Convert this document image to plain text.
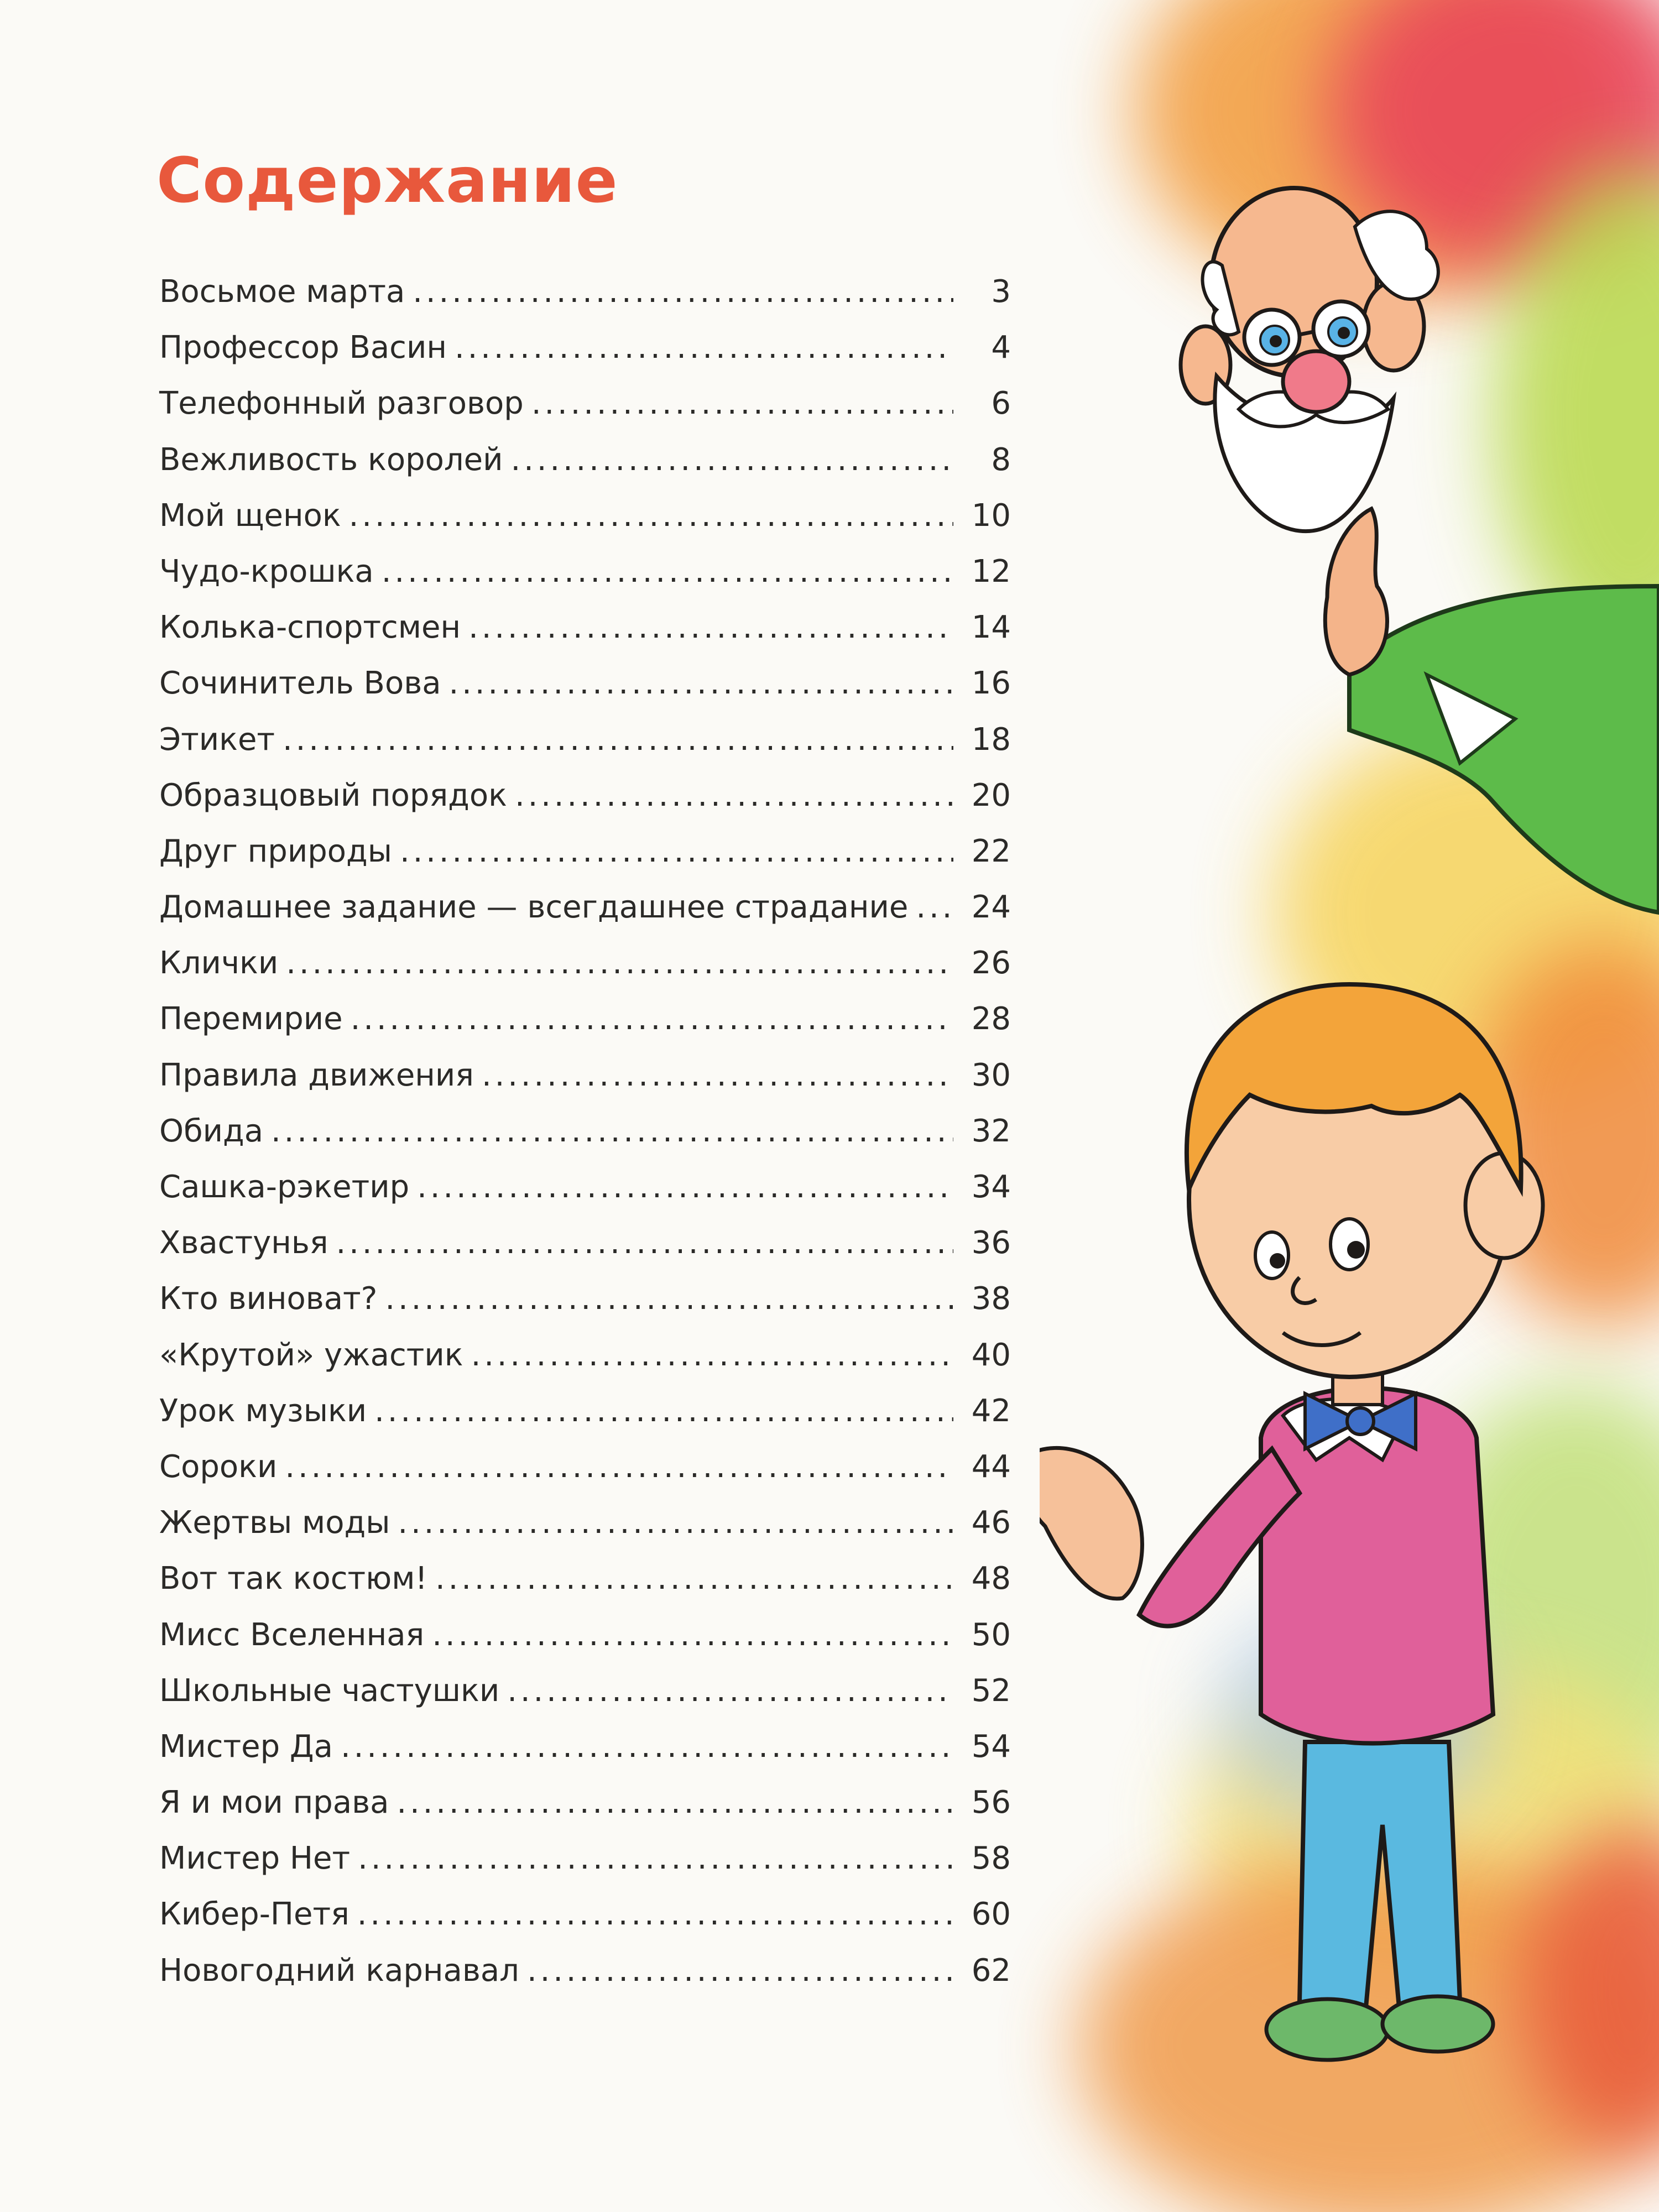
Содержание
Восьмое марта . . .	3
Профессор Васин . . .	4
Телефонный разговор . . .	6
Вежливость королей . . .	8
Мой щенок . . .	10
Чудо-крошка . . .	12
Колька-спортсмен . . .	14
Сочинитель Вова . . .	16
Этикет . . .	18
Образцовый порядок . . .	20
Друг природы . . .	22
Домашнее задание — всегдашнее страдание . . .	24
Клички . . .	26
Перемирие . . .	28
Правила движения . . .	30
Обида . . .	32
Сашка-рэкетир . . .	34
Хвастунья . . .	36
Кто виноват? . . .	38
«Крутой» ужастик . . .	40
Урок музыки . . .	42
Сороки . . .	44
Жертвы моды . . .	46
Вот так костюм! . . .	48
Мисс Вселенная . . .	50
Школьные частушки . . .	52
Мистер Да . . .	54
Я и мои права . . .	56
Мистер Нет . . .	58
Кибер-Петя . . .	60
Новогодний карнавал . . .	62
